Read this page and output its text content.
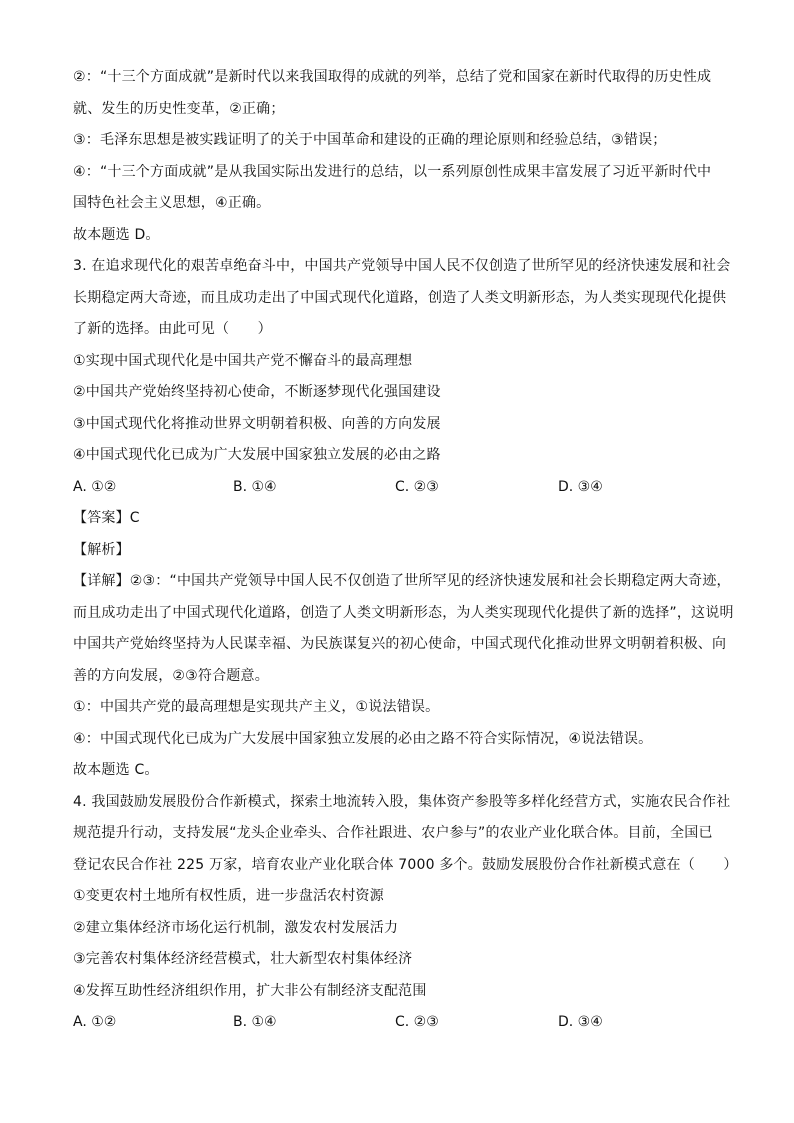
②：“十三个方面成就”是新时代以来我国取得的成就的列举，总结了党和国家在新时代取得的历史性成
就、发生的历史性变革，②正确；
③：毛泽东思想是被实践证明了的关于中国革命和建设的正确的理论原则和经验总结，③错误；
④：“十三个方面成就”是从我国实际出发进行的总结，以一系列原创性成果丰富发展了习近平新时代中
国特色社会主义思想，④正确。
故本题选 D。
3. 在追求现代化的艰苦卓绝奋斗中，中国共产党领导中国人民不仅创造了世所罕见的经济快速发展和社会
长期稳定两大奇迹，而且成功走出了中国式现代化道路，创造了人类文明新形态，为人类实现现代化提供
了新的选择。由此可见（　　）
①实现中国式现代化是中国共产党不懈奋斗的最高理想
②中国共产党始终坚持初心使命，不断逐梦现代化强国建设
③中国式现代化将推动世界文明朝着积极、向善的方向发展
④中国式现代化已成为广大发展中国家独立发展的必由之路
A. ①②	B. ①④	C. ②③	D. ③④
【答案】C
【解析】
【详解】②③：“中国共产党领导中国人民不仅创造了世所罕见的经济快速发展和社会长期稳定两大奇迹，
而且成功走出了中国式现代化道路，创造了人类文明新形态，为人类实现现代化提供了新的选择”，这说明
中国共产党始终坚持为人民谋幸福、为民族谋复兴的初心使命，中国式现代化推动世界文明朝着积极、向
善的方向发展，②③符合题意。
①：中国共产党的最高理想是实现共产主义，①说法错误。
④：中国式现代化已成为广大发展中国家独立发展的必由之路不符合实际情况，④说法错误。
故本题选 C。
4. 我国鼓励发展股份合作新模式，探索土地流转入股，集体资产参股等多样化经营方式，实施农民合作社
规范提升行动，支持发展“龙头企业牵头、合作社跟进、农户参与”的农业产业化联合体。目前，全国已
登记农民合作社 225 万家，培育农业产业化联合体 7000 多个。鼓励发展股份合作社新模式意在（　　）
①变更农村土地所有权性质，进一步盘活农村资源
②建立集体经济市场化运行机制，激发农村发展活力
③完善农村集体经济经营模式，壮大新型农村集体经济
④发挥互助性经济组织作用，扩大非公有制经济支配范围
A. ①②	B. ①④	C. ②③	D. ③④
